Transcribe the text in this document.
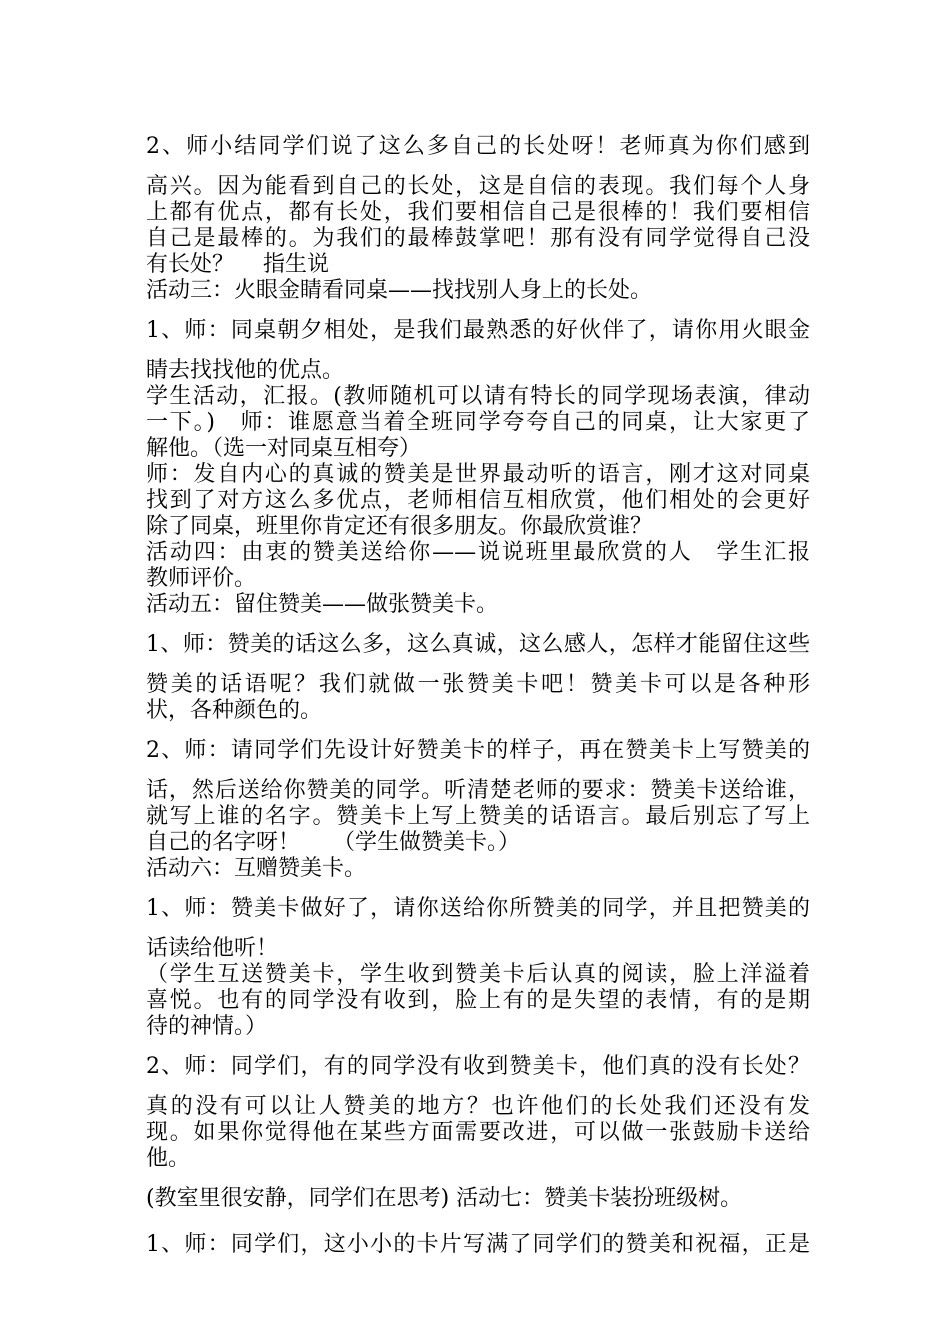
2、师小结同学们说了这么多自己的长处呀！老师真为你们感到
高兴。因为能看到自己的长处，这是自信的表现。我们每个人身
上都有优点，都有长处，我们要相信自己是很棒的！我们要相信
自己是最棒的。为我们的最棒鼓掌吧！那有没有同学觉得自己没
有长处？　 指生说
活动三：火眼金睛看同桌——找找别人身上的长处。
1、师：同桌朝夕相处，是我们最熟悉的好伙伴了，请你用火眼金
睛去找找他的优点。
学生活动，汇报。(教师随机可以请有特长的同学现场表演，律动
一下。)　师：谁愿意当着全班同学夸夸自己的同桌，让大家更了
解他。（选一对同桌互相夸）
师：发自内心的真诚的赞美是世界最动听的语言，刚才这对同桌
找到了对方这么多优点，老师相信互相欣赏，他们相处的会更好
除了同桌，班里你肯定还有很多朋友。你最欣赏谁？
活动四：由衷的赞美送给你——说说班里最欣赏的人　学生汇报
教师评价。
活动五：留住赞美——做张赞美卡。
1、师：赞美的话这么多，这么真诚，这么感人，怎样才能留住这些
赞美的话语呢？我们就做一张赞美卡吧！赞美卡可以是各种形
状，各种颜色的。
2、师：请同学们先设计好赞美卡的样子，再在赞美卡上写赞美的
话，然后送给你赞美的同学。听清楚老师的要求：赞美卡送给谁，
就写上谁的名字。赞美卡上写上赞美的话语言。最后别忘了写上
自己的名字呀！　　（学生做赞美卡。）
活动六：互赠赞美卡。
1、师：赞美卡做好了，请你送给你所赞美的同学，并且把赞美的
话读给他听！
（学生互送赞美卡，学生收到赞美卡后认真的阅读，脸上洋溢着
喜悦。也有的同学没有收到，脸上有的是失望的表情，有的是期
待的神情。）
2、师：同学们，有的同学没有收到赞美卡，他们真的没有长处？
真的没有可以让人赞美的地方？也许他们的长处我们还没有发
现。如果你觉得他在某些方面需要改进，可以做一张鼓励卡送给
他。
(教室里很安静，同学们在思考) 活动七：赞美卡装扮班级树。
1、师：同学们，这小小的卡片写满了同学们的赞美和祝福，正是
